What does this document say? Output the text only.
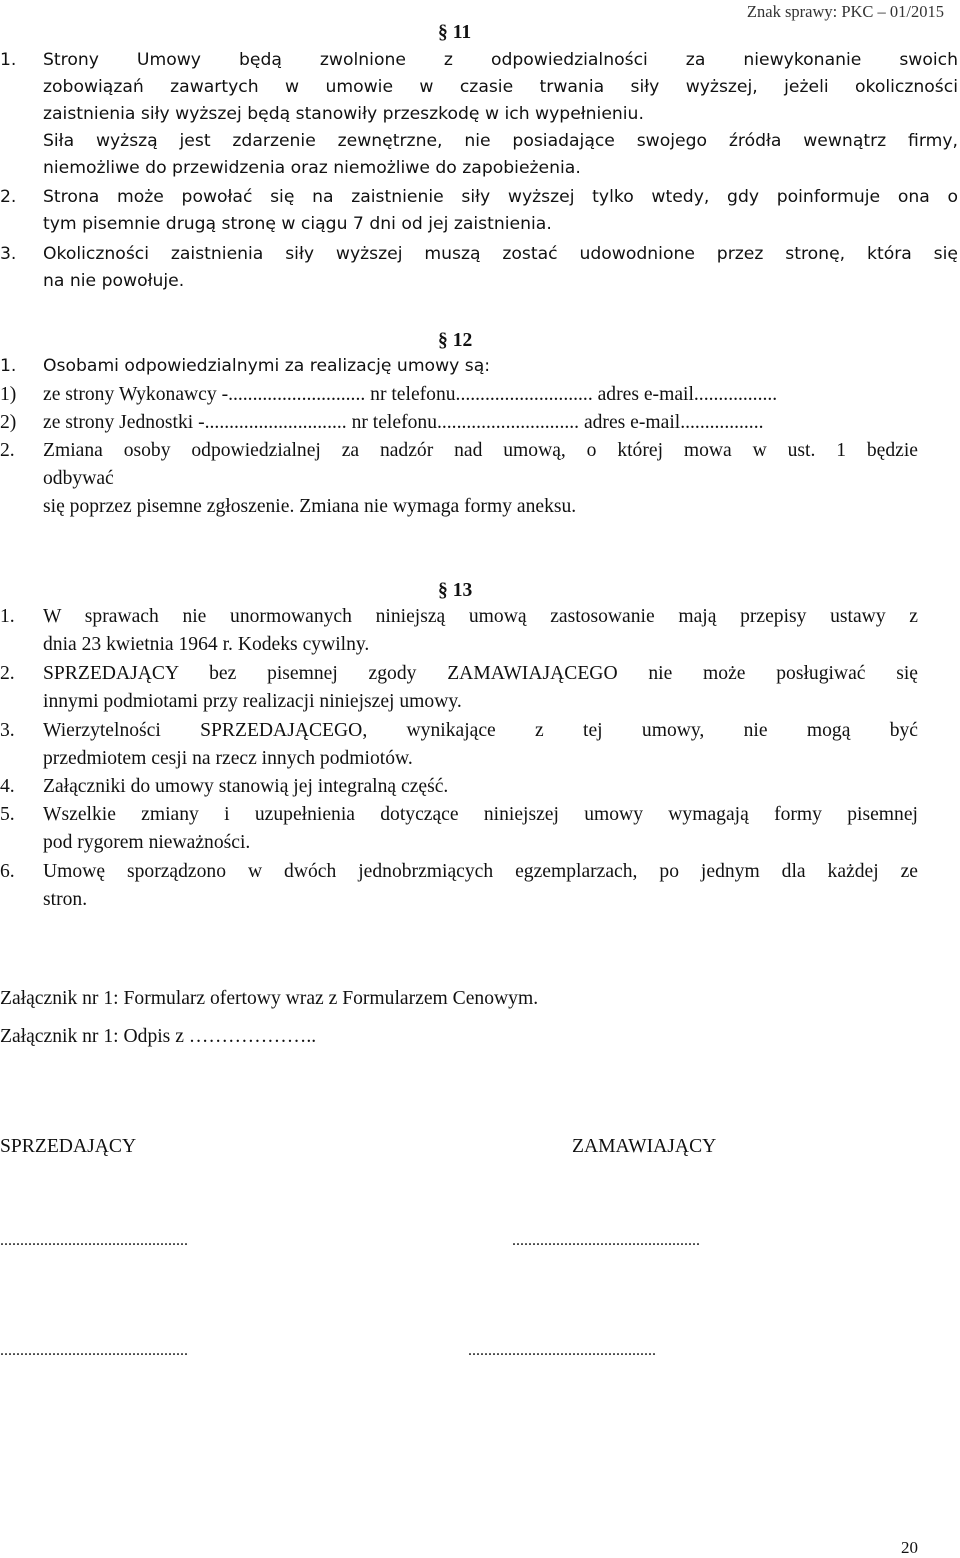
Znak sprawy: PKC – 01/2015
§ 11
1. Strony Umowy będą zwolnione z odpowiedzialności za niewykonanie swoich
zobowiązań zawartych w umowie w czasie trwania siły wyższej, jeżeli okoliczności
zaistnienia siły wyższej będą stanowiły przeszkodę w ich wypełnieniu.
Siła wyższą jest zdarzenie zewnętrzne, nie posiadające swojego źródła wewnątrz firmy,
niemożliwe do przewidzenia oraz niemożliwe do zapobieżenia.
2. Strona może powołać się na zaistnienie siły wyższej tylko wtedy, gdy poinformuje ona o
tym pisemnie drugą stronę w ciągu 7 dni od jej zaistnienia.
3. Okoliczności zaistnienia siły wyższej muszą zostać udowodnione przez stronę, która się
na nie powołuje.
§ 12
1. Osobami odpowiedzialnymi za realizację umowy są:
1) ze strony Wykonawcy -............................ nr telefonu............................ adres e-mail.................
2) ze strony Jednostki -............................. nr telefonu............................. adres e-mail.................
2. Zmiana osoby odpowiedzialnej za nadzór nad umową, o której mowa w ust. 1 będzie
odbywać
się poprzez pisemne zgłoszenie. Zmiana nie wymaga formy aneksu.
§ 13
1. W sprawach nie unormowanych niniejszą umową zastosowanie mają przepisy ustawy z
dnia 23 kwietnia 1964 r. Kodeks cywilny.
2. SPRZEDAJĄCY bez pisemnej zgody ZAMAWIAJĄCEGO nie może posługiwać się
innymi podmiotami przy realizacji niniejszej umowy.
3. Wierzytelności SPRZEDAJĄCEGO, wynikające z tej umowy, nie mogą być
przedmiotem cesji na rzecz innych podmiotów.
4. Załączniki do umowy stanowią jej integralną część.
5. Wszelkie zmiany i uzupełnienia dotyczące niniejszej umowy wymagają formy pisemnej
pod rygorem nieważności.
6. Umowę sporządzono w dwóch jednobrzmiących egzemplarzach, po jednym dla każdej ze
stron.
Załącznik nr 1: Formularz ofertowy wraz z Formularzem Cenowym.
Załącznik nr 1: Odpis z ………………..
SPRZEDAJĄCY	ZAMAWIAJĄCY
...............................................	...............................................
...............................................	...............................................
20
